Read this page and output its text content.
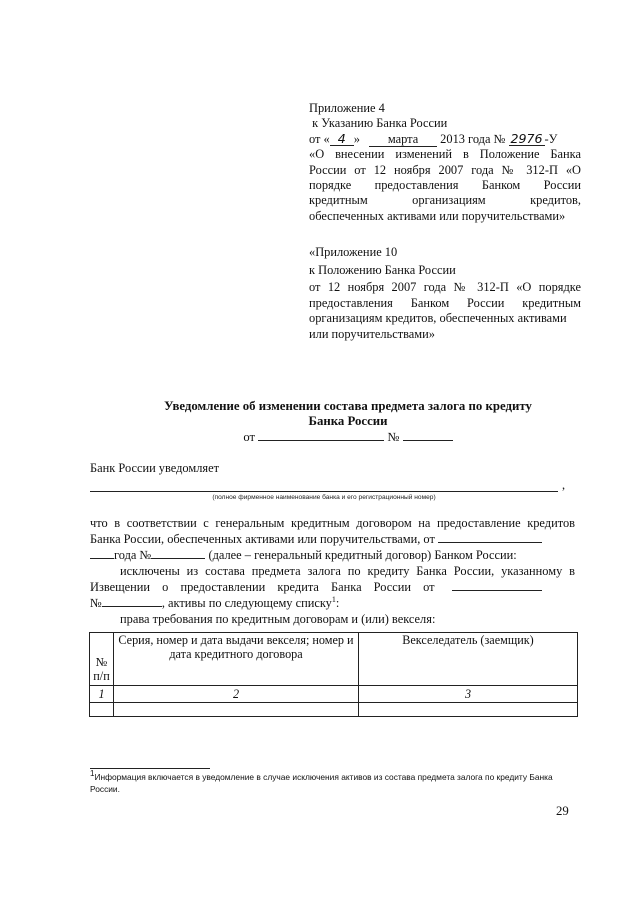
Приложение 4
к Указанию Банка России
от « 4 » марта 2013 года № 2976 -У
«О внесении изменений в Положение Банка
России от 12 ноября 2007 года № 312-П «О
порядке предоставления Банком России
кредитным организациям кредитов,
обеспеченных активами или поручительствами»
«Приложение 10
к Положению Банка России
от 12 ноября 2007 года № 312-П «О порядке
предоставления Банком России кредитным
организациям кредитов, обеспеченных активами
или поручительствами»
Уведомление об изменении состава предмета залога по кредиту
Банка России
от	№
Банк России уведомляет
,
(полное фирменное наименование банка и его регистрационный номер)
что в соответствии с генеральным кредитным договором на предоставление кредитов
Банка России, обеспеченных активами или поручительствами, от
года №	(далее – генеральный кредитный договор) Банком России:
исключены из состава предмета залога по кредиту Банка России, указанному в
Извещении о предоставлении кредита Банка России от
№	, активы по следующему списку$^1$:
права требования по кредитным договорам и (или) векселя:
№ п/п	Серия, номер и дата выдачи векселя; номер и дата кредитного договора	Векселедатель (заемщик)
1	2	3

$^1$Информация включается в уведомление в случае исключения активов из состава предмета залога по кредиту Банка России.
29
